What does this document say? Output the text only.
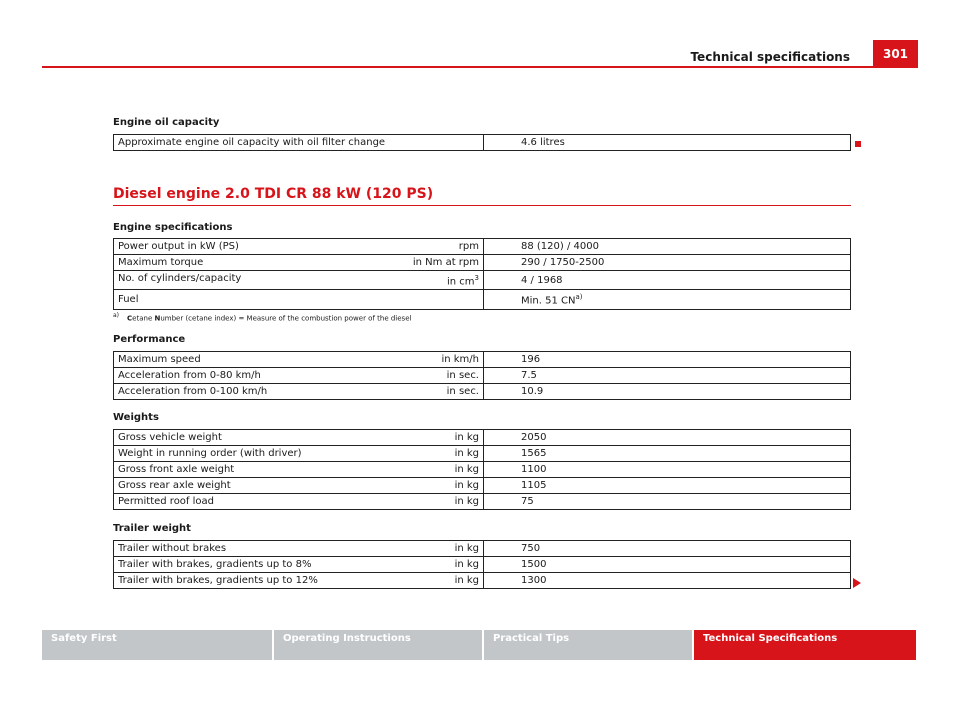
Technical specifications	301
Engine oil capacity
Approximate engine oil capacity with oil filter change	4.6 litres
Diesel engine 2.0 TDI CR 88 kW (120 PS)
Engine specifications
Power output in kW (PS) rpm	88 (120) / 4000

Maximum torque in Nm at rpm	290 / 1750-2500

No. of cylinders/capacity in $cm^3$	4 / 1968

Fuel	Min. 51 CN$^{a)}$
a) Cetane Number (cetane index) = Measure of the combustion power of the diesel
Performance
Maximum speed in km/h	196

Acceleration from 0-80 km/h in sec.	7.5

Acceleration from 0-100 km/h in sec.	10.9
Weights
Gross vehicle weight in kg	2050

Weight in running order (with driver) in kg	1565

Gross front axle weight in kg	1100

Gross rear axle weight in kg	1105

Permitted roof load in kg	75
Trailer weight
Trailer without brakes in kg	750

Trailer with brakes, gradients up to 8% in kg	1500

Trailer with brakes, gradients up to 12% in kg	1300
Safety First	Operating Instructions	Practical Tips	Technical Specifications
